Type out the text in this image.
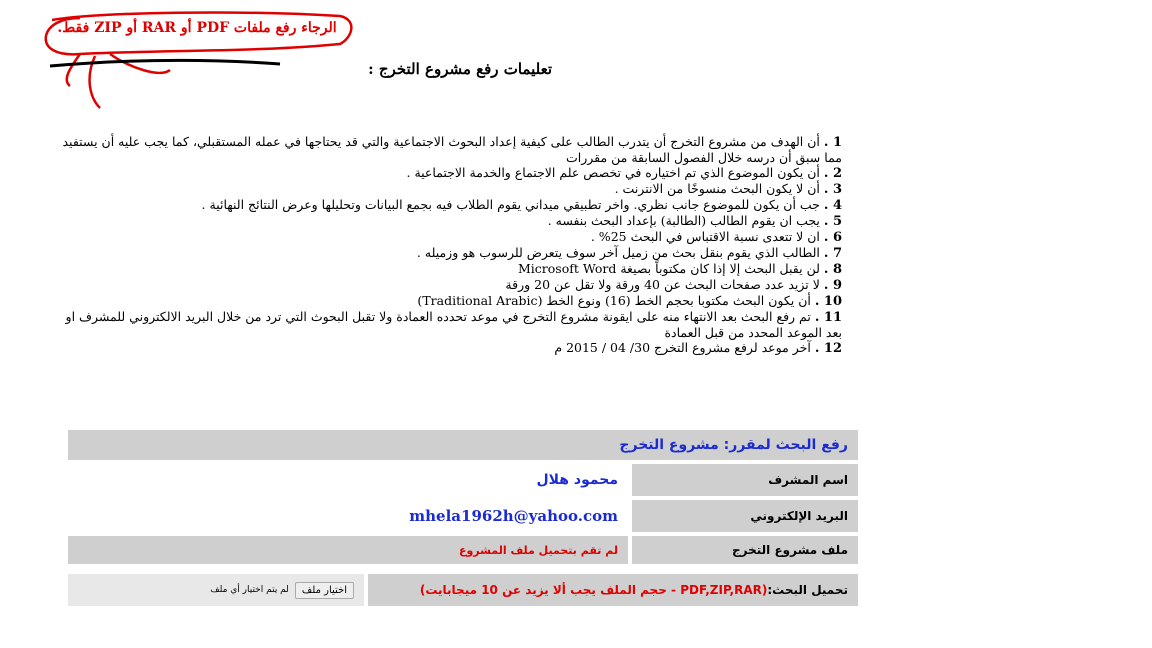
الرجاء رفع ملفات PDF أو RAR أو ZIP فقط.
تعليمات رفع مشروع التخرج :
1 . أن الهدف من مشروع التخرج أن يتدرب الطالب على كيفية إعداد البحوث الاجتماعية والتي قد يحتاجها في عمله المستقبلي، كما يجب عليه أن يستفيد مما سبق أن درسه خلال الفصول السابقة من مقررات
2 . أن يكون الموضوع الذي تم اختياره في تخصص علم الاجتماع والخدمة الاجتماعية .
3 . أن لا يكون البحث منسوخًا من الانترنت .
4 . جب أن يكون للموضوع جانب نظري. واخر تطبيقي ميداني يقوم الطلاب فيه بجمع البيانات وتحليلها وعرض النتائج النهائية .
5 . يجب ان يقوم الطالب (الطالبة) بإعداد البحث بنفسه .
6 . ان لا تتعدى نسبة الاقتباس في البحث 25% .
7 . الطالب الذي يقوم بنقل بحث من زميل آخر سوف يتعرض للرسوب هو وزميله .
8 . لن يقبل البحث إلا إذا كان مكتوباً بصيغة Microsoft Word
9 . لا تزيد عدد صفحات البحث عن 40 ورقة ولا تقل عن 20 ورقة
10 . أن يكون البحث مكتوبا بحجم الخط (16) ونوع الخط (Traditional Arabic)
11 . تم رفع البحث بعد الانتهاء منه على ايقونة مشروع التخرج في موعد تحدده العمادة ولا تقبل البحوث التي ترد من خلال البريد الالكتروني للمشرف او بعد الموعد المحدد من قبل العمادة
12 . آخر موعد لرفع مشروع التخرج 30/ 04 / 2015 م
رفع البحث لمقرر: مشروع التخرج
اسم المشرف
محمود هلال
البريد الإلكتروني
mhela1962h@yahoo.com
ملف مشروع التخرج
لم تقم بتحميل ملف المشروع
تحميل البحث:
(PDF,ZIP,RAR - حجم الملف يجب ألا يزيد عن 10 ميجابايت)
اختيار ملف
لم يتم اختيار أي ملف
